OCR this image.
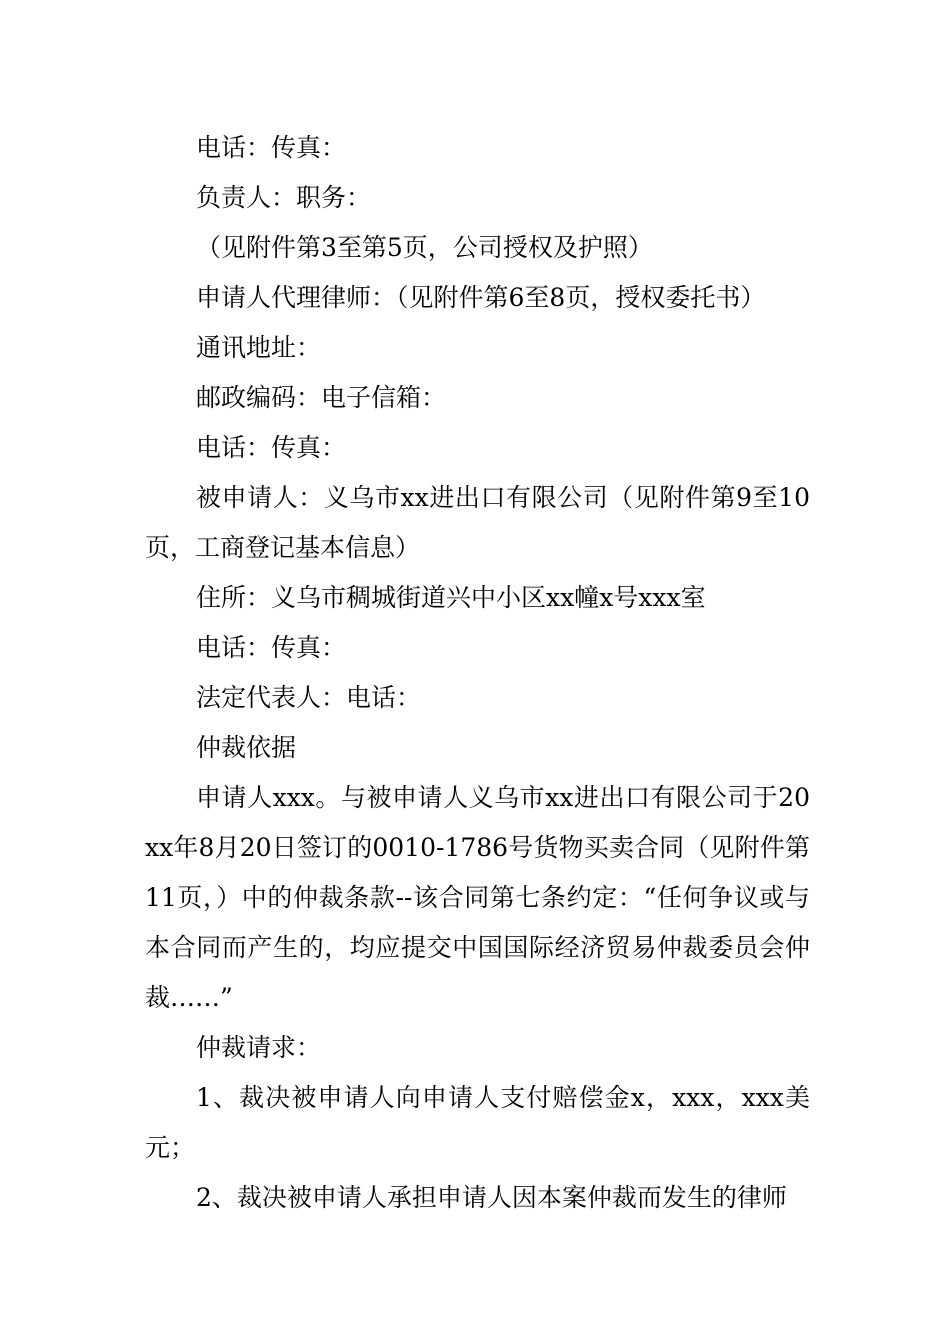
电话：传真：

负责人：职务：

（见附件第3至第5页，公司授权及护照）

申请人代理律师：（见附件第6至8页，授权委托书）

通讯地址：

邮政编码：电子信箱：

电话：传真：

被申请人：义乌市xx进出口有限公司（见附件第9至10页，工商登记基本信息）

住所：义乌市稠城街道兴中小区xx幢x号xxx室

电话：传真：

法定代表人：电话：

仲裁依据

申请人xxx。与被申请人义乌市xx进出口有限公司于20xx年8月20日签订的0010-1786号货物买卖合同（见附件第11页，）中的仲裁条款--该合同第七条约定：“任何争议或与本合同而产生的，均应提交中国国际经济贸易仲裁委员会仲裁……”

仲裁请求：

1、裁决被申请人向申请人支付赔偿金x，xxx，xxx美元；

2、裁决被申请人承担申请人因本案仲裁而发生的律师
